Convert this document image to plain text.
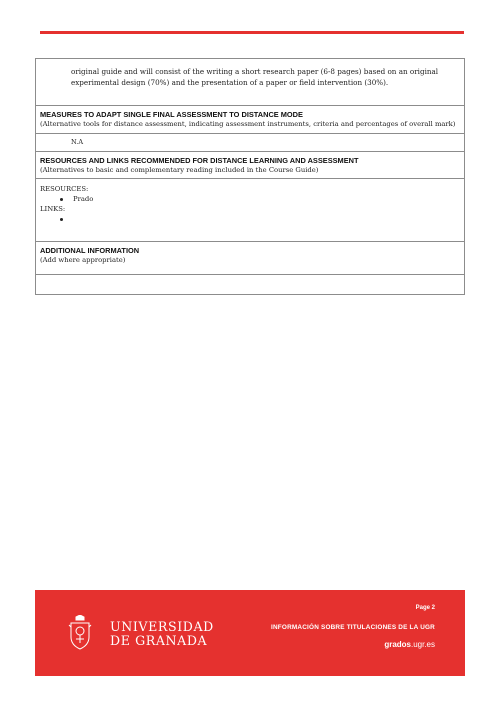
original guide and will consist of the writing a short research paper (6-8 pages) based on an original experimental design (70%) and the presentation of a paper or field intervention (30%).

MEASURES TO ADAPT SINGLE FINAL ASSESSMENT TO DISTANCE MODE
(Alternative tools for distance assessment, indicating assessment instruments, criteria and percentages of overall mark)

N.A

RESOURCES AND LINKS RECOMMENDED FOR DISTANCE LEARNING AND ASSESSMENT
(Alternatives to basic and complementary reading included in the Course Guide)

RESOURCES:
Prado
LINKS:

ADDITIONAL INFORMATION
(Add where appropriate)

UNIVERSIDAD
DE GRANADA
Page 2
INFORMACIÓN SOBRE TITULACIONES DE LA UGR
grados.ugr.es
